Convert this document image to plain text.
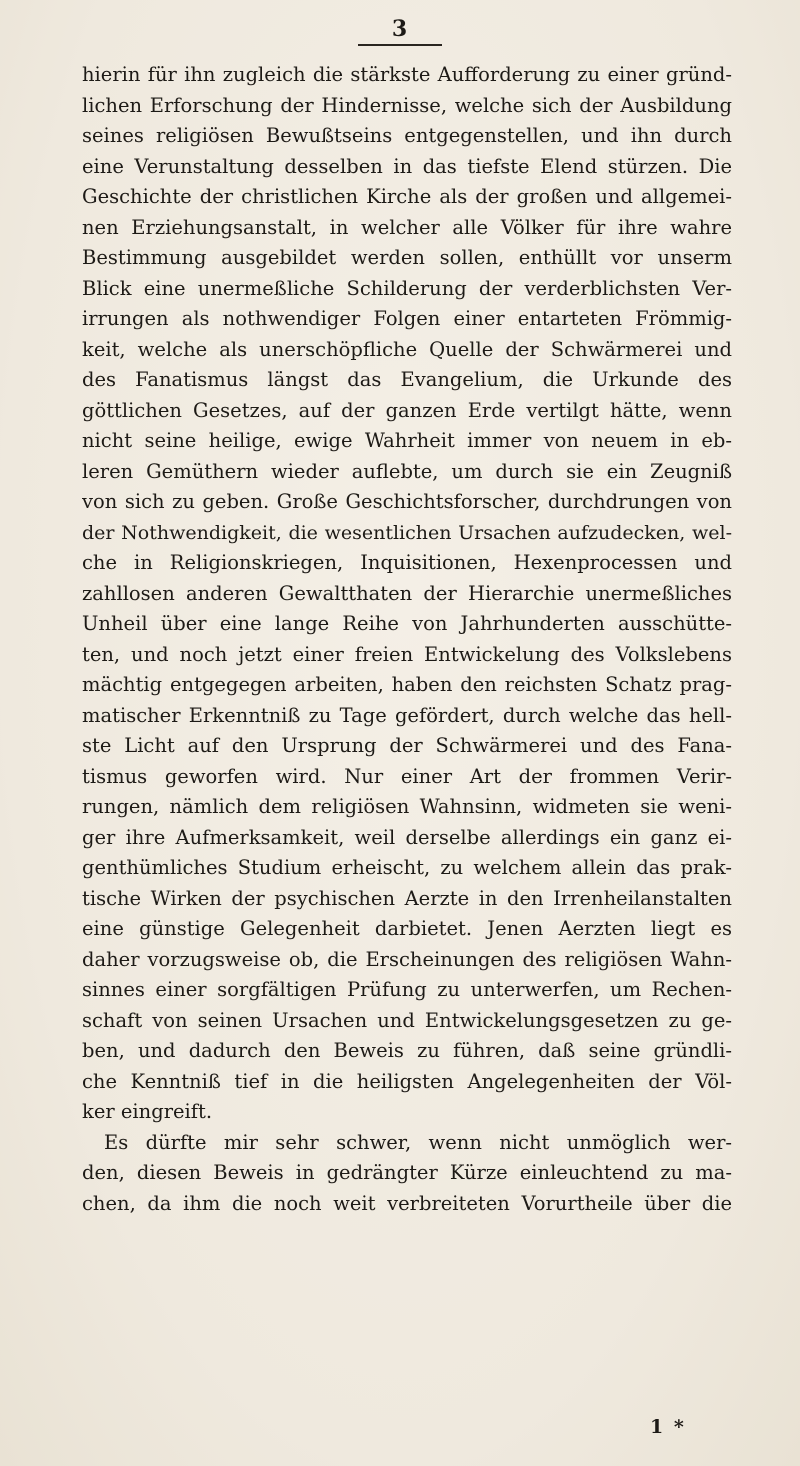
3
hierin für ihn zugleich die stärkste Aufforderung zu einer gründ-
lichen Erforschung der Hindernisse, welche sich der Ausbildung
seines religiösen Bewußtseins entgegenstellen, und ihn durch
eine Verunstaltung desselben in das tiefste Elend stürzen. Die
Geschichte der christlichen Kirche als der großen und allgemei-
nen Erziehungsanstalt, in welcher alle Völker für ihre wahre
Bestimmung ausgebildet werden sollen, enthüllt vor unserm
Blick eine unermeßliche Schilderung der verderblichsten Ver-
irrungen als nothwendiger Folgen einer entarteten Frömmig-
keit, welche als unerschöpfliche Quelle der Schwärmerei und
des Fanatismus längst das Evangelium, die Urkunde des
göttlichen Gesetzes, auf der ganzen Erde vertilgt hätte, wenn
nicht seine heilige, ewige Wahrheit immer von neuem in eb-
leren Gemüthern wieder auflebte, um durch sie ein Zeugniß
von sich zu geben. Große Geschichtsforscher, durchdrungen von
der Nothwendigkeit, die wesentlichen Ursachen aufzudecken, wel-
che in Religionskriegen, Inquisitionen, Hexenprocessen und
zahllosen anderen Gewaltthaten der Hierarchie unermeßliches
Unheil über eine lange Reihe von Jahrhunderten ausschütte-
ten, und noch jetzt einer freien Entwickelung des Volkslebens
mächtig entgegegen arbeiten, haben den reichsten Schatz prag-
matischer Erkenntniß zu Tage gefördert, durch welche das hell-
ste Licht auf den Ursprung der Schwärmerei und des Fana-
tismus geworfen wird. Nur einer Art der frommen Verir-
rungen, nämlich dem religiösen Wahnsinn, widmeten sie weni-
ger ihre Aufmerksamkeit, weil derselbe allerdings ein ganz ei-
genthümliches Studium erheischt, zu welchem allein das prak-
tische Wirken der psychischen Aerzte in den Irrenheilanstalten
eine günstige Gelegenheit darbietet. Jenen Aerzten liegt es
daher vorzugsweise ob, die Erscheinungen des religiösen Wahn-
sinnes einer sorgfältigen Prüfung zu unterwerfen, um Rechen-
schaft von seinen Ursachen und Entwickelungsgesetzen zu ge-
ben, und dadurch den Beweis zu führen, daß seine gründli-
che Kenntniß tief in die heiligsten Angelegenheiten der Völ-
ker eingreift.
Es dürfte mir sehr schwer, wenn nicht unmöglich wer-
den, diesen Beweis in gedrängter Kürze einleuchtend zu ma-
chen, da ihm die noch weit verbreiteten Vorurtheile über die
1 *
